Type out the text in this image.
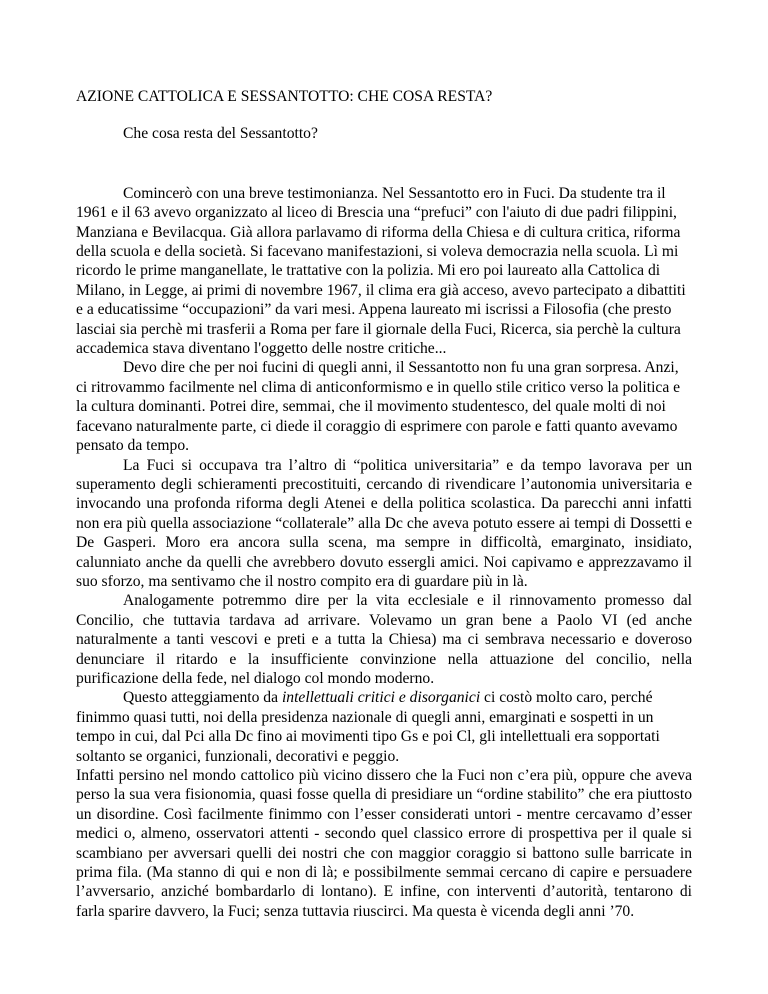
AZIONE CATTOLICA E SESSANTOTTO: CHE COSA RESTA?

Che cosa resta del Sessantotto?

Comincerò con una breve testimonianza. Nel Sessantotto ero in Fuci. Da studente tra il 1961 e il 63 avevo organizzato al liceo di Brescia una “prefuci” con l'aiuto di due padri filippini, Manziana e Bevilacqua. Già allora parlavamo di riforma della Chiesa e di cultura critica, riforma della scuola e della società. Si facevano manifestazioni, si voleva democrazia nella scuola. Lì mi ricordo le prime manganellate, le trattative con la polizia. Mi ero poi laureato alla Cattolica di Milano, in Legge, ai primi di novembre 1967, il clima era già acceso, avevo partecipato a dibattiti e a educatissime “occupazioni” da vari mesi. Appena laureato mi iscrissi a Filosofia (che presto lasciai sia perchè mi trasferii a Roma per fare il giornale della Fuci, Ricerca, sia perchè la cultura accademica stava diventano l'oggetto delle nostre critiche...

Devo dire che per noi fucini di quegli anni, il Sessantotto non fu una gran sorpresa. Anzi, ci ritrovammo facilmente nel clima di anticonformismo e in quello stile critico verso la politica e la cultura dominanti. Potrei dire, semmai, che il movimento studentesco, del quale molti di noi facevano naturalmente parte, ci diede il coraggio di esprimere con parole e fatti quanto avevamo pensato da tempo.

La Fuci si occupava tra l’altro di “politica universitaria” e da tempo lavorava per un superamento degli schieramenti precostituiti, cercando di rivendicare l’autonomia universitaria e invocando una profonda riforma degli Atenei e della politica scolastica. Da parecchi anni infatti non era più quella associazione “collaterale” alla Dc che aveva potuto essere ai tempi di Dossetti e De Gasperi. Moro era ancora sulla scena, ma sempre in difficoltà, emarginato, insidiato, calunniato anche da quelli che avrebbero dovuto essergli amici. Noi capivamo e apprezzavamo il suo sforzo, ma sentivamo che il nostro compito era di guardare più in là.

Analogamente potremmo dire per la vita ecclesiale e il rinnovamento promesso dal Concilio, che tuttavia tardava ad arrivare. Volevamo un gran bene a Paolo VI (ed anche naturalmente a tanti vescovi e preti e a tutta la Chiesa) ma ci sembrava necessario e doveroso denunciare il ritardo e la insufficiente convinzione nella attuazione del concilio, nella purificazione della fede, nel dialogo col mondo moderno.

Questo atteggiamento da intellettuali critici e disorganici ci costò molto caro, perché finimmo quasi tutti, noi della presidenza nazionale di quegli anni, emarginati e sospetti in un tempo in cui, dal Pci alla Dc fino ai movimenti tipo Gs e poi Cl, gli intellettuali era sopportati soltanto se organici, funzionali, decorativi e peggio.

Infatti persino nel mondo cattolico più vicino dissero che la Fuci non c’era più, oppure che aveva perso la sua vera fisionomia, quasi fosse quella di presidiare un “ordine stabilito” che era piuttosto un disordine. Così facilmente finimmo con l’esser considerati untori - mentre cercavamo d’esser medici o, almeno, osservatori attenti - secondo quel classico errore di prospettiva per il quale si scambiano per avversari quelli dei nostri che con maggior coraggio si battono sulle barricate in prima fila. (Ma stanno di qui e non di là; e possibilmente semmai cercano di capire e persuadere l’avversario, anziché bombardarlo di lontano). E infine, con interventi d’autorità, tentarono di farla sparire davvero, la Fuci; senza tuttavia riuscirci. Ma questa è vicenda degli anni ’70.
